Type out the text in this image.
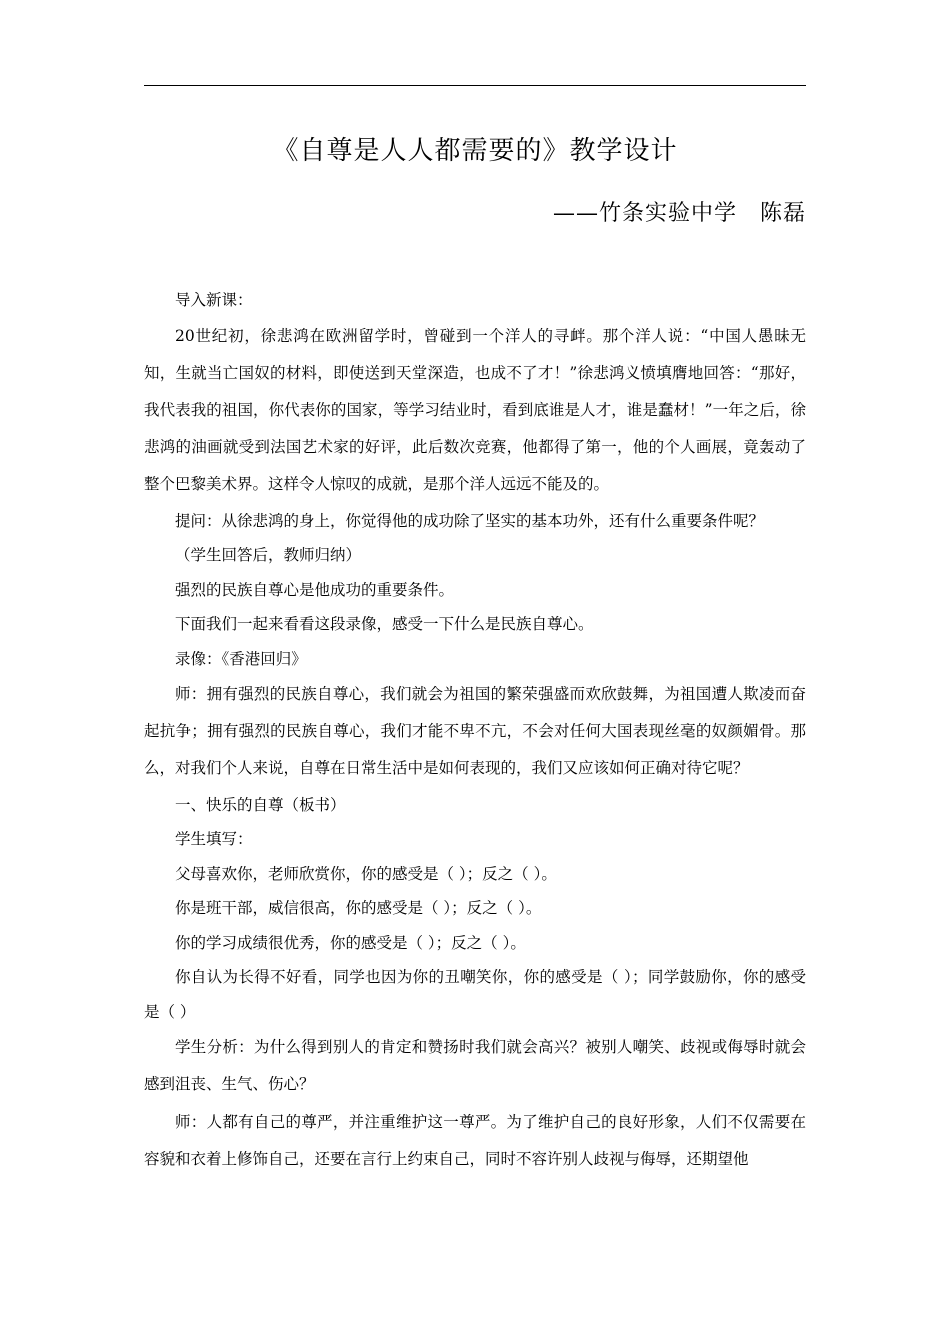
《自尊是人人都需要的》教学设计
——竹条实验中学　陈磊

导入新课：

20世纪初，徐悲鸿在欧洲留学时，曾碰到一个洋人的寻衅。那个洋人说：“中国人愚昧无知，生就当亡国奴的材料，即使送到天堂深造，也成不了才！”徐悲鸿义愤填膺地回答：“那好，我代表我的祖国，你代表你的国家，等学习结业时，看到底谁是人才，谁是蠢材！”一年之后，徐悲鸿的油画就受到法国艺术家的好评，此后数次竞赛，他都得了第一，他的个人画展，竟轰动了整个巴黎美术界。这样令人惊叹的成就，是那个洋人远远不能及的。

提问：从徐悲鸿的身上，你觉得他的成功除了坚实的基本功外，还有什么重要条件呢？

（学生回答后，教师归纳）

强烈的民族自尊心是他成功的重要条件。

下面我们一起来看看这段录像，感受一下什么是民族自尊心。

录像：《香港回归》

师：拥有强烈的民族自尊心，我们就会为祖国的繁荣强盛而欢欣鼓舞，为祖国遭人欺凌而奋起抗争；拥有强烈的民族自尊心，我们才能不卑不亢，不会对任何大国表现丝毫的奴颜媚骨。那么，对我们个人来说，自尊在日常生活中是如何表现的，我们又应该如何正确对待它呢？

一、快乐的自尊（板书）

学生填写：

父母喜欢你，老师欣赏你，你的感受是（ ）；反之（ ）。

你是班干部，威信很高，你的感受是（ ）；反之（ ）。

你的学习成绩很优秀，你的感受是（ ）；反之（ ）。

你自认为长得不好看，同学也因为你的丑嘲笑你，你的感受是（ ）；同学鼓励你，你的感受是（ ）

学生分析：为什么得到别人的肯定和赞扬时我们就会高兴？被别人嘲笑、歧视或侮辱时就会感到沮丧、生气、伤心？

师：人都有自己的尊严，并注重维护这一尊严。为了维护自己的良好形象，人们不仅需要在容貌和衣着上修饰自己，还要在言行上约束自己，同时不容许别人歧视与侮辱，还期望他
